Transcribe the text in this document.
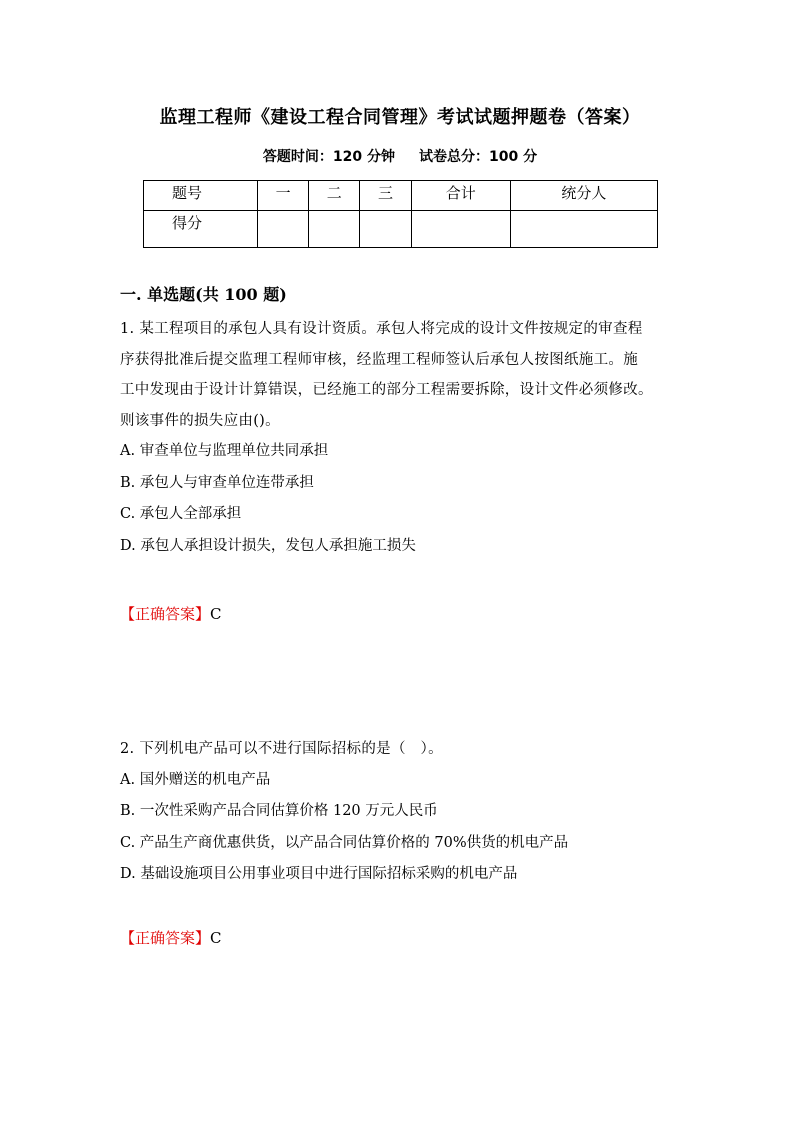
监理工程师《建设工程合同管理》考试试题押题卷（答案）
答题时间：120 分钟 试卷总分：100 分
题号	一	二	三	合计	统分人
得分					
一. 单选题(共 100 题)
1. 某工程项目的承包人具有设计资质。承包人将完成的设计文件按规定的审查程
序获得批准后提交监理工程师审核，经监理工程师签认后承包人按图纸施工。施
工中发现由于设计计算错误，已经施工的部分工程需要拆除，设计文件必须修改。
则该事件的损失应由()。
A. 审查单位与监理单位共同承担
B. 承包人与审查单位连带承担
C. 承包人全部承担
D. 承包人承担设计损失，发包人承担施工损失
【正确答案】C
2. 下列机电产品可以不进行国际招标的是（　）。
A. 国外赠送的机电产品
B. 一次性采购产品合同估算价格 120 万元人民币
C. 产品生产商优惠供货，以产品合同估算价格的 70%供货的机电产品
D. 基础设施项目公用事业项目中进行国际招标采购的机电产品
【正确答案】C
